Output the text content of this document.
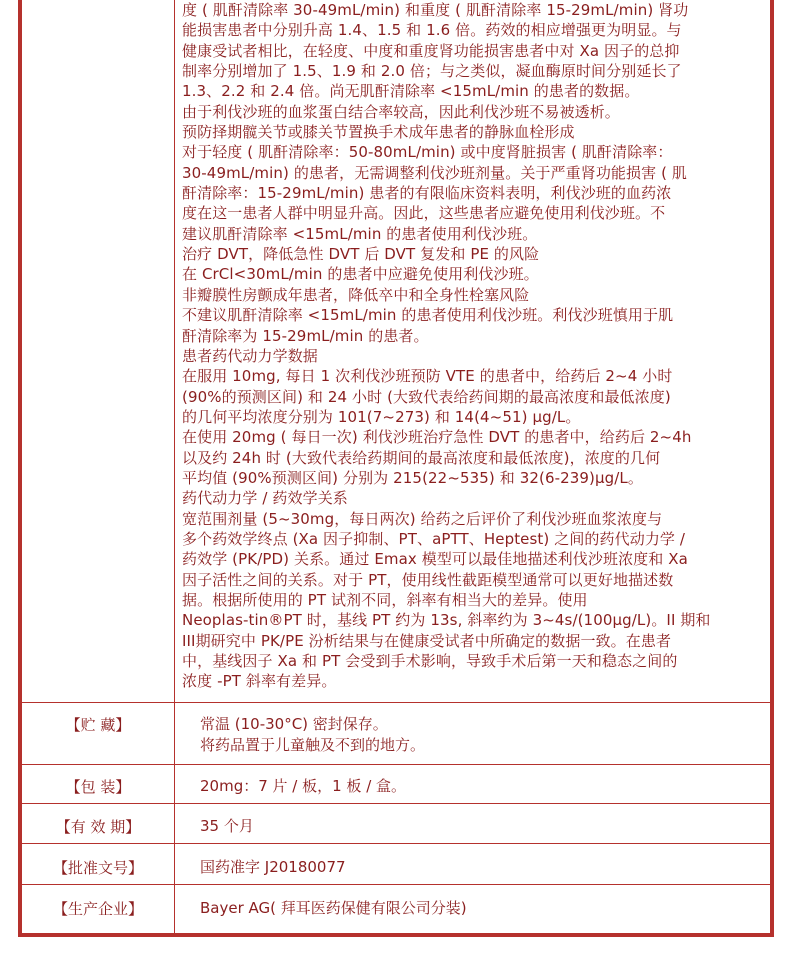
度 ( 肌酐清除率 30-49mL/min) 和重度 ( 肌酐清除率 15-29mL/min) 肾功
能损害患者中分别升高 1.4、1.5 和 1.6 倍。药效的相应增强更为明显。与
健康受试者相比，在轻度、中度和重度肾功能损害患者中对 Xa 因子的总抑
制率分别增加了 1.5、1.9 和 2.0 倍；与之类似，凝血酶原时间分别延长了
1.3、2.2 和 2.4 倍。尚无肌酐清除率 <15mL/min 的患者的数据。
由于利伐沙班的血浆蛋白结合率较高，因此利伐沙班不易被透析。
预防择期髋关节或膝关节置换手术成年患者的静脉血栓形成
对于轻度 ( 肌酐清除率：50-80mL/min) 或中度肾脏损害 ( 肌酐清除率：
30-49mL/min) 的患者，无需调整利伐沙班剂量。关于严重肾功能损害 ( 肌
酐清除率：15-29mL/min) 患者的有限临床资料表明，利伐沙班的血药浓
度在这一患者人群中明显升高。因此，这些患者应避免使用利伐沙班。不
建议肌酐清除率 <15mL/min 的患者使用利伐沙班。
治疗 DVT，降低急性 DVT 后 DVT 复发和 PE 的风险
在 CrCl<30mL/min 的患者中应避免使用利伐沙班。
非瓣膜性房颤成年患者，降低卒中和全身性栓塞风险
不建议肌酐清除率 <15mL/min 的患者使用利伐沙班。利伐沙班慎用于肌
酐清除率为 15-29mL/min 的患者。
患者药代动力学数据
在服用 10mg, 每日 1 次利伐沙班预防 VTE 的患者中，给药后 2~4 小时
(90%的预测区间) 和 24 小时 (大致代表给药间期的最高浓度和最低浓度)
的几何平均浓度分别为 101(7~273) 和 14(4~51) μg/L。
在使用 20mg ( 每日一次) 利伐沙班治疗急性 DVT 的患者中，给药后 2~4h
以及约 24h 时 (大致代表给药期间的最高浓度和最低浓度)，浓度的几何
平均值 (90%预测区间) 分别为 215(22~535) 和 32(6-239)μg/L。
药代动力学 / 药效学关系
宽范围剂量 (5~30mg，每日两次) 给药之后评价了利伐沙班血浆浓度与
多个药效学终点 (Xa 因子抑制、PT、aPTT、Heptest) 之间的药代动力学 /
药效学 (PK/PD) 关系。通过 Emax 模型可以最佳地描述利伐沙班浓度和 Xa
因子活性之间的关系。对于 PT，使用线性截距模型通常可以更好地描述数
据。根据所使用的 PT 试剂不同，斜率有相当大的差异。使用
Neoplas-tin®PT 时，基线 PT 约为 13s, 斜率约为 3~4s/(100μg/L)。II 期和
III期研究中 PK/PE 汾析结果与在健康受试者中所确定的数据一致。在患者
中，基线因子 Xa 和 PT 会受到手术影响，导致手术后第一天和稳态之间的
浓度 -PT 斜率有差异。
【贮 藏】	常温 (10-30°C) 密封保存。
将药品置于儿童触及不到的地方。
【包 装】	20mg：7 片 / 板，1 板 / 盒。
【有 效 期】	35 个月
【批准文号】	国药准字 J20180077
【生产企业】	Bayer AG( 拜耳医药保健有限公司分装)
